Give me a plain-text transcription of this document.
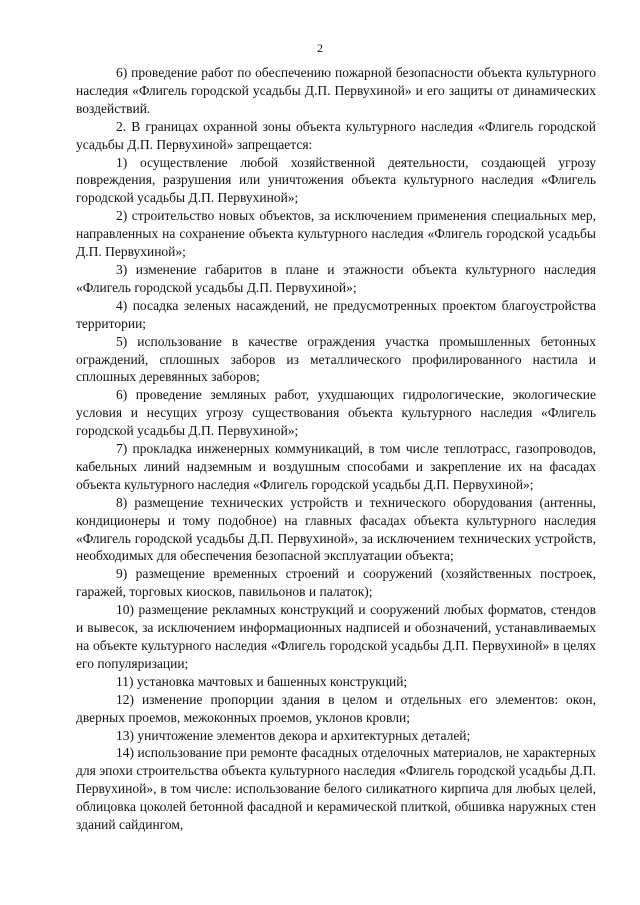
2

6) проведение работ по обеспечению пожарной безопасности объекта культурного наследия «Флигель городской усадьбы Д.П. Первухиной» и его защиты от динамических воздействий.

2. В границах охранной зоны объекта культурного наследия «Флигель городской усадьбы Д.П. Первухиной» запрещается:

1) осуществление любой хозяйственной деятельности, создающей угрозу повреждения, разрушения или уничтожения объекта культурного наследия «Флигель городской усадьбы Д.П. Первухиной»;

2) строительство новых объектов, за исключением применения специальных мер, направленных на сохранение объекта культурного наследия «Флигель городской усадьбы Д.П. Первухиной»;

3) изменение габаритов в плане и этажности объекта культурного наследия «Флигель городской усадьбы Д.П. Первухиной»;

4) посадка зеленых насаждений, не предусмотренных проектом благоустройства территории;

5) использование в качестве ограждения участка промышленных бетонных ограждений, сплошных заборов из металлического профилированного настила и сплошных деревянных заборов;

6) проведение земляных работ, ухудшающих гидрологические, экологические условия и несущих угрозу существования объекта культурного наследия «Флигель городской усадьбы Д.П. Первухиной»;

7) прокладка инженерных коммуникаций, в том числе теплотрасс, газопроводов, кабельных линий надземным и воздушным способами и закрепление их на фасадах объекта культурного наследия «Флигель городской усадьбы Д.П. Первухиной»;

8) размещение технических устройств и технического оборудования (антенны, кондиционеры и тому подобное) на главных фасадах объекта культурного наследия «Флигель городской усадьбы Д.П. Первухиной», за исключением технических устройств, необходимых для обеспечения безопасной эксплуатации объекта;

9) размещение временных строений и сооружений (хозяйственных построек, гаражей, торговых киосков, павильонов и палаток);

10) размещение рекламных конструкций и сооружений любых форматов, стендов и вывесок, за исключением информационных надписей и обозначений, устанавливаемых на объекте культурного наследия «Флигель городской усадьбы Д.П. Первухиной» в целях его популяризации;

11) установка мачтовых и башенных конструкций;

12) изменение пропорции здания в целом и отдельных его элементов: окон, дверных проемов, межоконных проемов, уклонов кровли;

13) уничтожение элементов декора и архитектурных деталей;

14) использование при ремонте фасадных отделочных материалов, не характерных для эпохи строительства объекта культурного наследия «Флигель городской усадьбы Д.П. Первухиной», в том числе: использование белого силикатного кирпича для любых целей, облицовка цоколей бетонной фасадной и керамической плиткой, обшивка наружных стен зданий сайдингом,
